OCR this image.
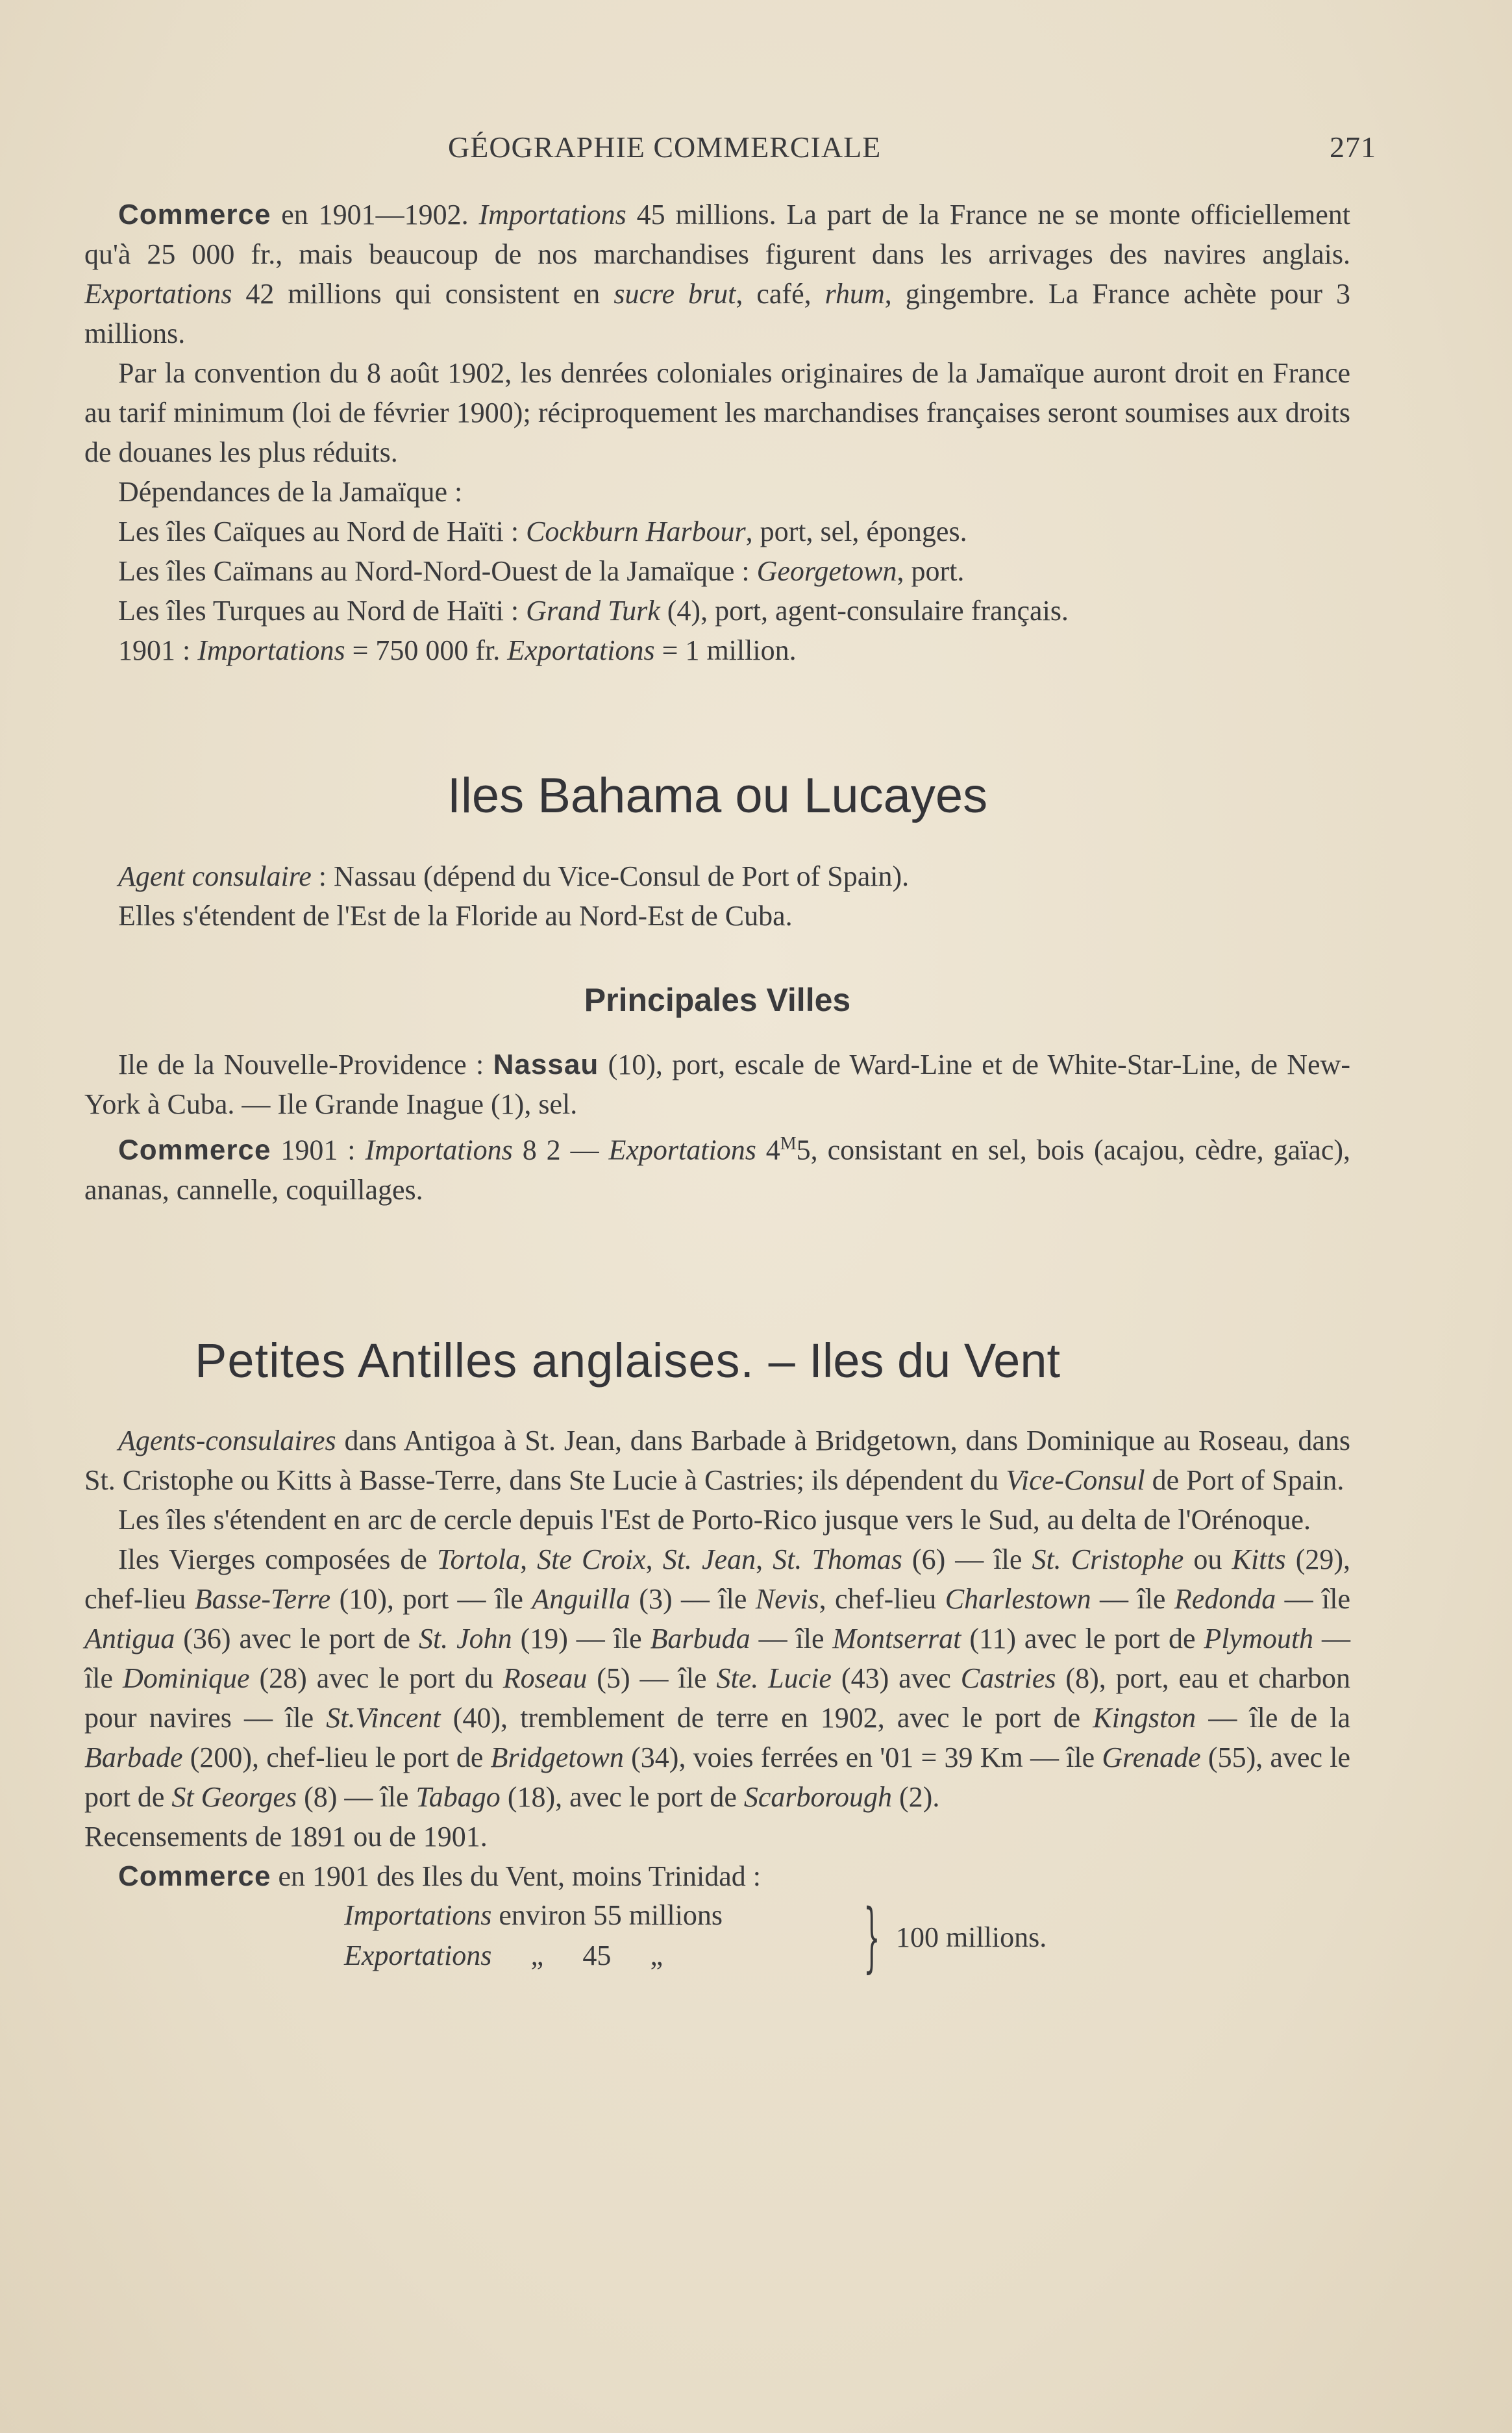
GÉOGRAPHIE COMMERCIALE	271

Commerce en 1901—1902. Importations 45 millions. La part de la France ne se monte officiellement qu'à 25 000 fr., mais beaucoup de nos marchandises figurent dans les arrivages des navires anglais. Exportations 42 millions qui consistent en sucre brut, café, rhum, gingembre. La France achète pour 3 millions.

Par la convention du 8 août 1902, les denrées coloniales originaires de la Jamaïque auront droit en France au tarif minimum (loi de février 1900); réciproquement les marchandises françaises seront soumises aux droits de douanes les plus réduits.

Dépendances de la Jamaïque :

Les îles Caïques au Nord de Haïti : Cockburn Harbour, port, sel, éponges.

Les îles Caïmans au Nord-Nord-Ouest de la Jamaïque : Georgetown, port.

Les îles Turques au Nord de Haïti : Grand Turk (4), port, agent-consulaire français.

1901 : Importations = 750 000 fr. Exportations = 1 million.

Iles Bahama ou Lucayes

Agent consulaire : Nassau (dépend du Vice-Consul de Port of Spain).

Elles s'étendent de l'Est de la Floride au Nord-Est de Cuba.

Principales Villes

Ile de la Nouvelle-Providence : Nassau (10), port, escale de Ward-Line et de White-Star-Line, de New-York à Cuba. — Ile Grande Inague (1), sel.

Commerce 1901 : Importations 8 2 — Exportations $4^M5$, consistant en sel, bois (acajou, cèdre, gaïac), ananas, cannelle, coquillages.

Petites Antilles anglaises. – Iles du Vent

Agents-consulaires dans Antigoa à St. Jean, dans Barbade à Bridgetown, dans Dominique au Roseau, dans St. Cristophe ou Kitts à Basse-Terre, dans Ste Lucie à Castries; ils dépendent du Vice-Consul de Port of Spain.

Les îles s'étendent en arc de cercle depuis l'Est de Porto-Rico jusque vers le Sud, au delta de l'Orénoque.

Iles Vierges composées de Tortola, Ste Croix, St. Jean, St. Thomas (6) — île St. Cristophe ou Kitts (29), chef-lieu Basse-Terre (10), port — île Anguilla (3) — île Nevis, chef-lieu Charlestown — île Redonda — île Antigua (36) avec le port de St. John (19) — île Barbuda — île Montserrat (11) avec le port de Plymouth — île Dominique (28) avec le port du Roseau (5) — île Ste. Lucie (43) avec Castries (8), port, eau et charbon pour navires — île St.Vincent (40), tremblement de terre en 1902, avec le port de Kingston — île de la Barbade (200), chef-lieu le port de Bridgetown (34), voies ferrées en '01 = 39 Km — île Grenade (55), avec le port de St Georges (8) — île Tabago (18), avec le port de Scarborough (2).

Recensements de 1891 ou de 1901.

Commerce en 1901 des Iles du Vent, moins Trinidad :

Importations environ 55 millions
Exportations „ 45 „	} 100 millions.
